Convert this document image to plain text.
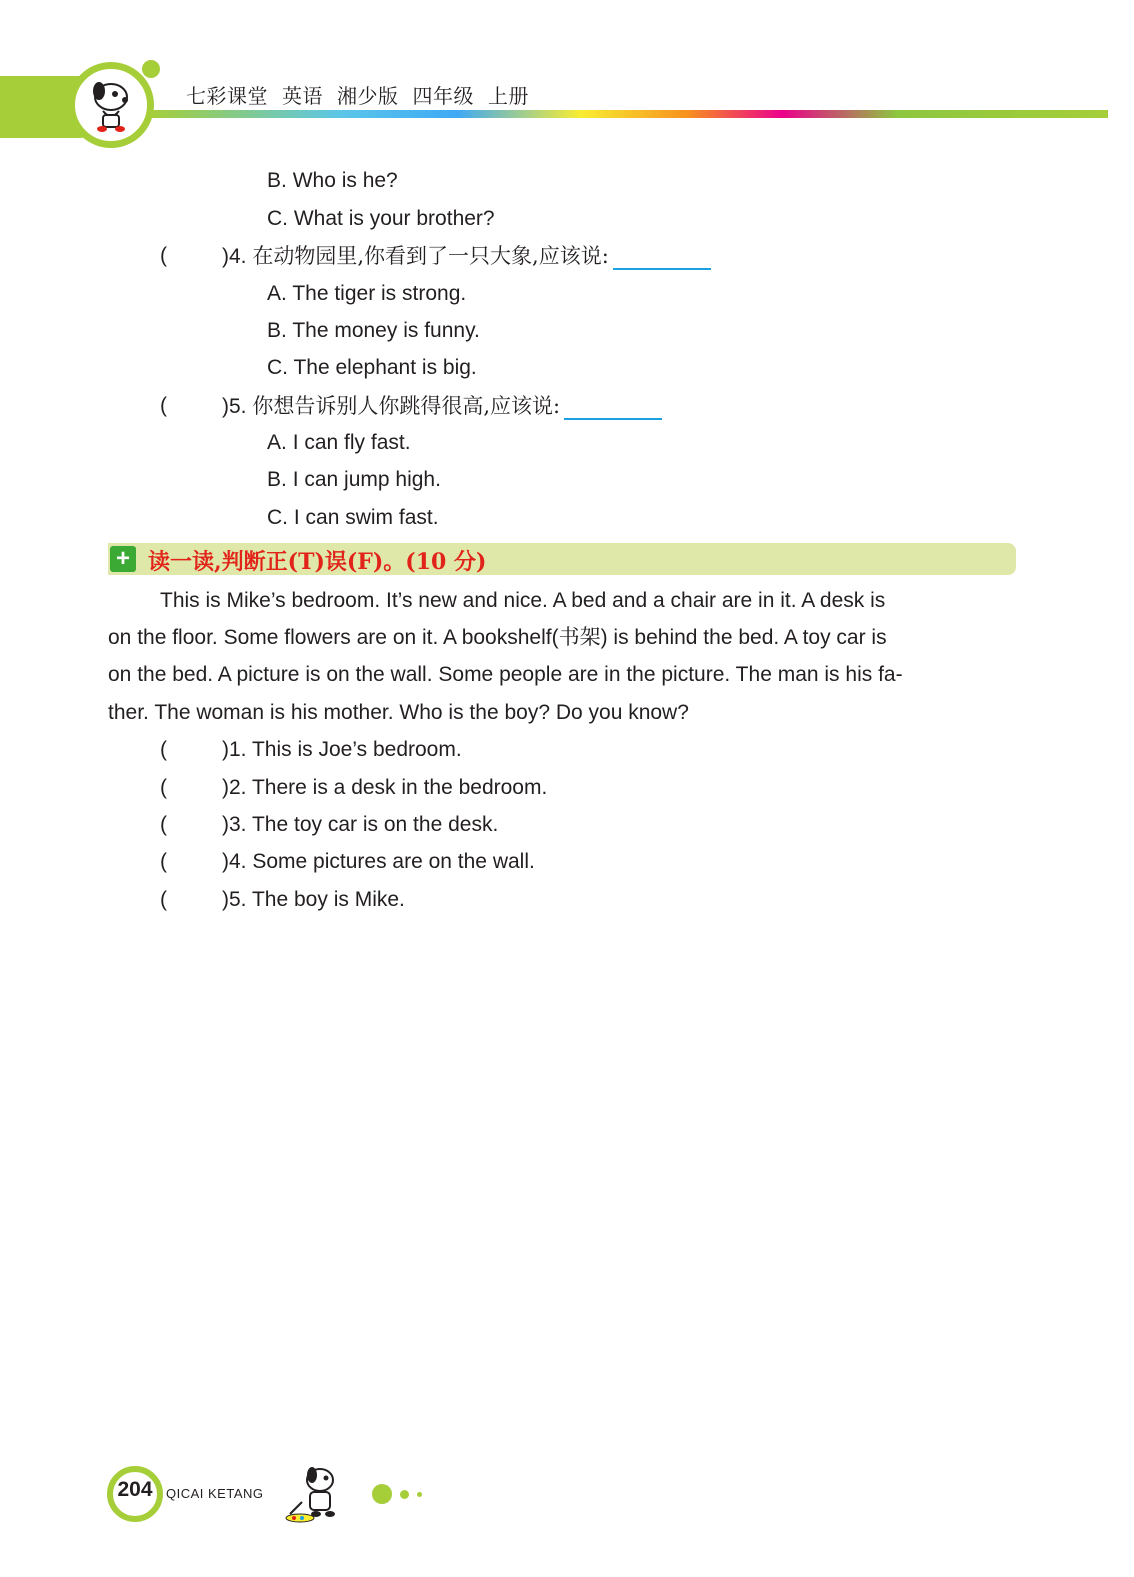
七彩课堂 英语 湘少版 四年级 上册
B. Who is he?
C. What is your brother?
(	)4. 在动物园里,你看到了一只大象,应该说:
A. The tiger is strong.
B. The money is funny.
C. The elephant is big.
(	)5. 你想告诉别人你跳得很高,应该说:
A. I can fly fast.
B. I can jump high.
C. I can swim fast.
+ 读一读,判断正(T)误(F)。(10 分)
This is Mike’s bedroom. It’s new and nice. A bed and a chair are in it. A desk is
on the floor. Some flowers are on it. A bookshelf(书架) is behind the bed. A toy car is
on the bed. A picture is on the wall. Some people are in the picture. The man is his fa-
ther. The woman is his mother. Who is the boy? Do you know?
(	)1. This is Joe’s bedroom.
(	)2. There is a desk in the bedroom.
(	)3. The toy car is on the desk.
(	)4. Some pictures are on the wall.
(	)5. The boy is Mike.
204	QICAI KETANG
